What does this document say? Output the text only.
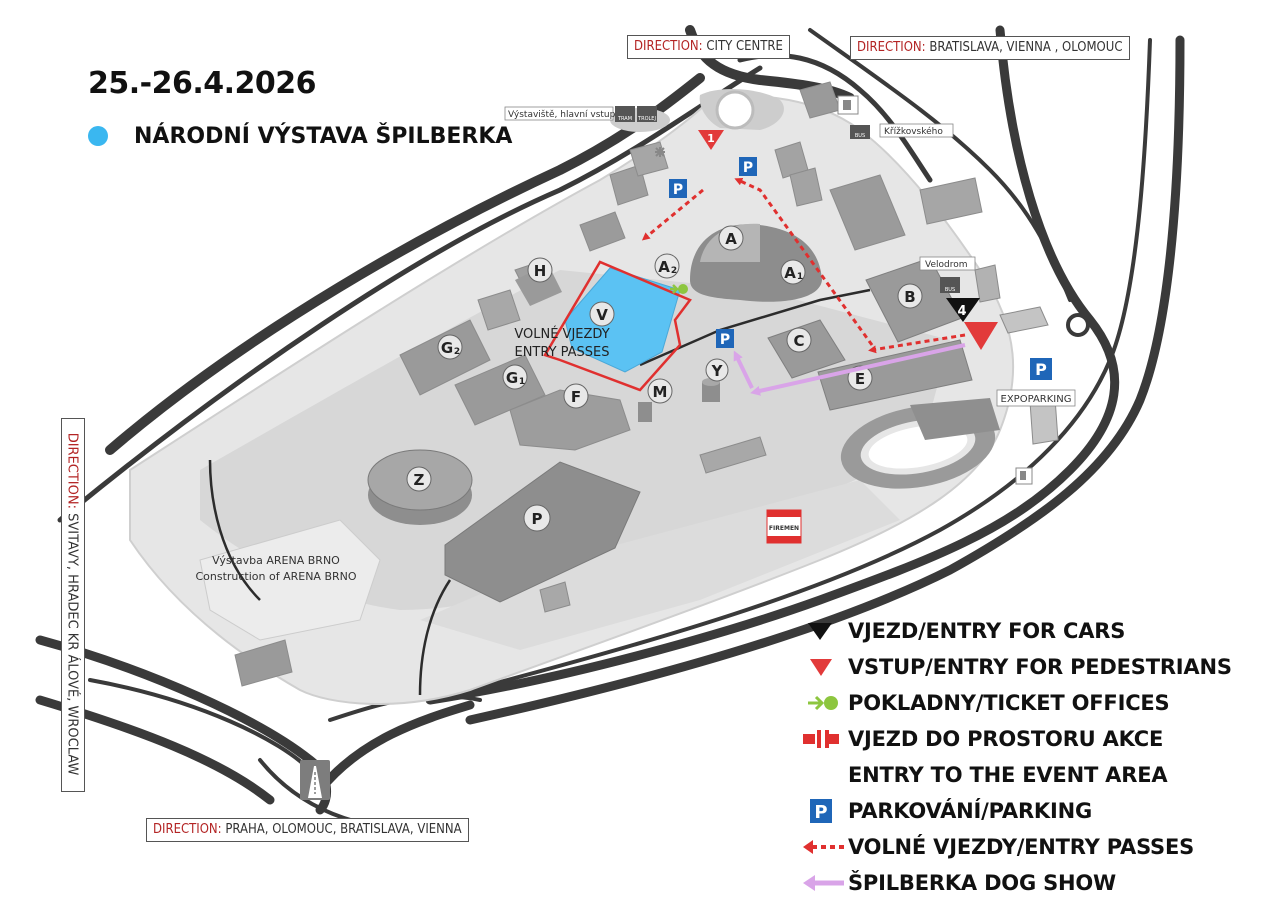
A
A 2	A 1
B
C
E
F
G 2
G 1
H
M
P
V
Y
Z
VOLNÉ VJEZDY
ENTRY PASSES
1
4
P
P
P
P
Výstaviště, hlavní vstup TRAM TROLEJ
BUS Křížkovského
Velodrom
BUS
EXPOPARKING
Výstavba ARENA BRNO
Construction of ARENA BRNO
FIREMEN
25.-26.4.2026
NÁRODNÍ VÝSTAVA ŠPILBERKA
DIRECTION: CITY CENTRE	DIRECTION: BRATISLAVA, VIENNA , OLOMOUC
DIRECTION: PRAHA, OLOMOUC, BRATISLAVA, VIENNA
DIRECTION: SVITAVY, HRADEC KR ÁLOVÉ, WROCLAW	VJEZD/ENTRY FOR CARS
VSTUP/ENTRY FOR PEDESTRIANS
POKLADNY/TICKET OFFICES
VJEZD DO PROSTORU AKCE
ENTRY TO THE EVENT AREA
P PARKOVÁNÍ/PARKING
VOLNÉ VJEZDY/ENTRY PASSES
ŠPILBERKA DOG SHOW
